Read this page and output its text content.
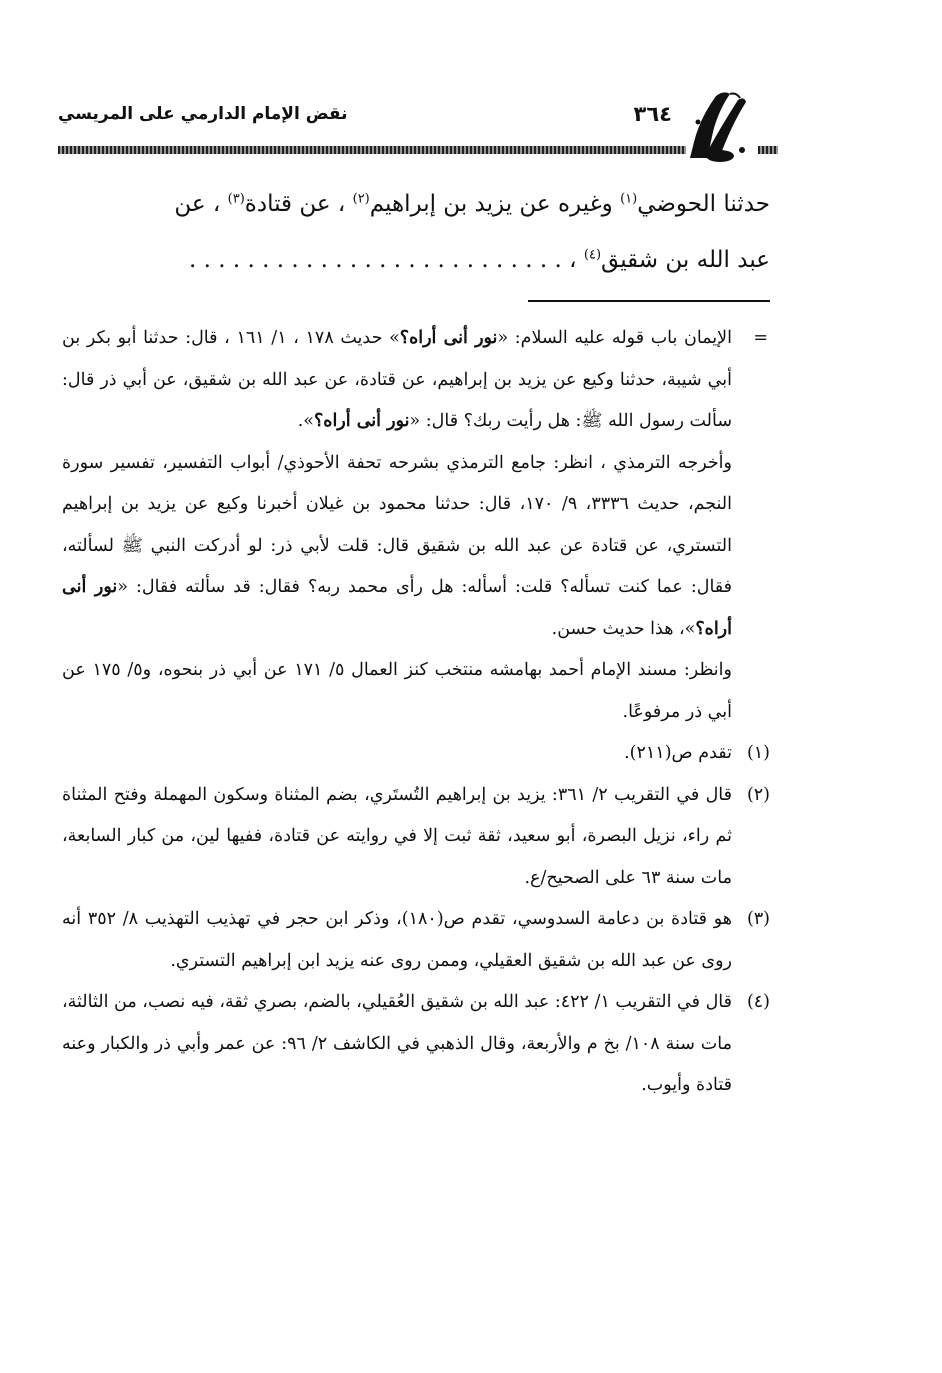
نقض الإمام الدارمي على المريسي	٣٦٤

حدثنا الحوضي$^{(١)}$ وغيره عن يزيد بن إبراهيم$^{(٢)}$ ، عن قتادة$^{(٣)}$ ، عن

عبد الله بن شقيق$^{(٤)}$ ، . . . . . . . . . . . . . . . . . . . . . . . . . .

=

الإيمان باب قوله عليه السلام: «نور أنى أراه؟» حديث ١٧٨ ، ١/ ١٦١ ، قال: حدثنا أبو بكر بن أبي شيبة، حدثنا وكيع عن يزيد بن إبراهيم، عن قتادة، عن عبد الله بن شقيق، عن أبي ذر قال: سألت رسول الله ﷺ: هل رأيت ربك؟ قال: «نور أنى أراه؟».

وأخرجه الترمذي ، انظر: جامع الترمذي بشرحه تحفة الأحوذي/ أبواب التفسير، تفسير سورة النجم، حديث ٣٣٣٦، ٩/ ١٧٠، قال: حدثنا محمود بن غيلان أخبرنا وكيع عن يزيد بن إبراهيم التستري، عن قتادة عن عبد الله بن شقيق قال: قلت لأبي ذر: لو أدركت النبي ﷺ لسألته، فقال: عما كنت تسأله؟ قلت: أسأله: هل رأى محمد ربه؟ فقال: قد سألته فقال: «نور أنى أراه؟»، هذا حديث حسن.

وانظر: مسند الإمام أحمد بهامشه منتخب كنز العمال ٥/ ١٧١ عن أبي ذر بنحوه، و٥/ ١٧٥ عن أبي ذر مرفوعًا.

(١)

تقدم ص(٢١١).

(٢)

قال في التقريب ٢/ ٣٦١: يزيد بن إبراهيم التُستَري، بضم المثناة وسكون المهملة وفتح المثناة ثم راء، نزيل البصرة، أبو سعيد، ثقة ثبت إلا في روايته عن قتادة، ففيها لين، من كبار السابعة، مات سنة ٦٣ على الصحيح/ع.

(٣)

هو قتادة بن دعامة السدوسي، تقدم ص(١٨٠)، وذكر ابن حجر في تهذيب التهذيب ٨/ ٣٥٢ أنه روى عن عبد الله بن شقيق العقيلي، وممن روى عنه يزيد ابن إبراهيم التستري.

(٤)

قال في التقريب ١/ ٤٢٢: عبد الله بن شقيق العُقيلي، بالضم، بصري ثقة، فيه نصب، من الثالثة، مات سنة ١٠٨/ بخ م والأربعة، وقال الذهبي في الكاشف ٢/ ٩٦: عن عمر وأبي ذر والكبار وعنه قتادة وأيوب.
